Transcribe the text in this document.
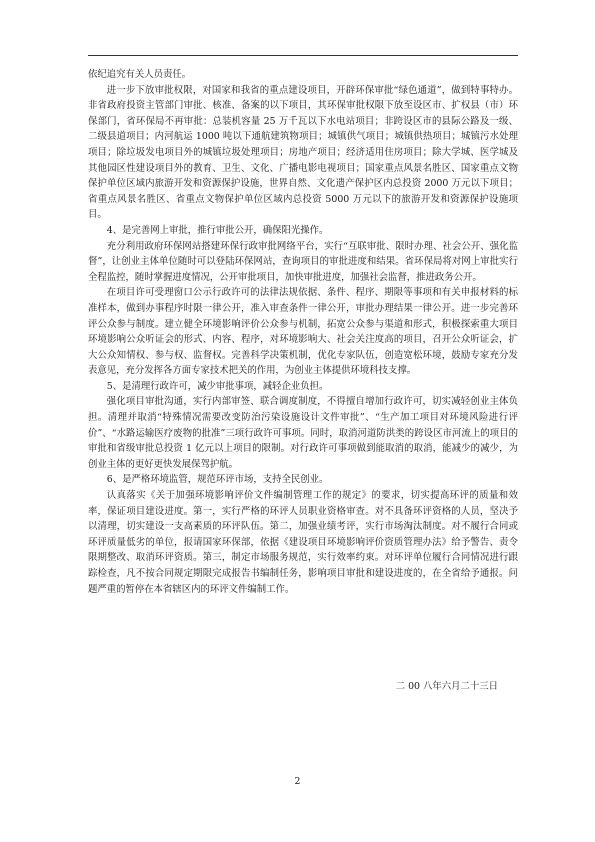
依纪追究有关人员责任。

进一步下放审批权限，对国家和我省的重点建设项目，开辟环保审批“绿色通道”，做到特事特办。非省政府投资主管部门审批、核准、备案的以下项目，其环保审批权限下放至设区市、扩权县（市）环保部门，省环保局不再审批：总装机容量 25 万千瓦以下水电站项目；非跨设区市的县际公路及一级、二级县道项目；内河航运 1000 吨以下通航建筑物项目；城镇供气项目；城镇供热项目；城镇污水处理项目；除垃圾发电项目外的城镇垃圾处理项目；房地产项目；经济适用住房项目；除大学城、医学城及其他园区性建设项目外的教育、卫生、文化、广播电影电视项目；国家重点风景名胜区、国家重点文物保护单位区域内旅游开发和资源保护设施，世界自然、文化遗产保护区内总投资 2000 万元以下项目；省重点风景名胜区、省重点文物保护单位区域内总投资 5000 万元以下的旅游开发和资源保护设施项目。

4、是完善网上审批，推行审批公开，确保阳光操作。

充分利用政府环保网站搭建环保行政审批网络平台，实行“互联审批、限时办理、社会公开、强化监督”，让创业主体单位随时可以登陆环保网站，查询项目的审批进度和结果。省环保局将对网上审批实行全程监控，随时掌握进度情况，公开审批项目，加快审批进度，加强社会监督，推进政务公开。

在项目许可受理窗口公示行政许可的法律法规依据、条件、程序、期限等事项和有关申报材料的标准样本，做到办事程序时限一律公开，准入审查条件一律公开，审批办理结果一律公开。进一步完善环评公众参与制度。建立健全环境影响评价公众参与机制，拓宽公众参与渠道和形式，积极探索重大项目环境影响公众听证会的形式、内容、程序，对环境影响大、社会关注度高的项目，召开公众听证会，扩大公众知情权、参与权、监督权。完善科学决策机制，优化专家队伍，创造宽松环境，鼓励专家充分发表意见，充分发挥各方面专家技术把关的作用，为创业主体提供环境科技支撑。

5、是清理行政许可，减少审批事项，减轻企业负担。

强化项目审批沟通，实行内部审签、联合调度制度，不得擅自增加行政许可，切实减轻创业主体负担。清理并取消“特殊情况需要改变防治污染设施设计文件审批”、“生产加工项目对环境风险进行评价”、“水路运输医疗废物的批准”三项行政许可事项。同时，取消河道防洪类的跨设区市河流上的项目的审批和省级审批总投资 1 亿元以上项目的限制。对行政许可事项做到能取消的取消，能减少的减少，为创业主体的更好更快发展保驾护航。

6、是严格环境监管，规范环评市场，支持全民创业。

认真落实《关于加强环境影响评价文件编制管理工作的规定》的要求，切实提高环评的质量和效率，保证项目建设进度。第一，实行严格的环评人员职业资格审查。对不具备环评资格的人员，坚决予以清理，切实建设一支高素质的环评队伍。第二，加强业绩考评，实行市场淘汰制度。对不履行合同或环评质量低劣的单位，报请国家环保部，依据《建设项目环境影响评价资质管理办法》给予警告、责令限期整改、取消环评资质。第三，制定市场服务规范，实行效率约束。对环评单位履行合同情况进行跟踪检查，凡不按合同规定期限完成报告书编制任务，影响项目审批和建设进度的，在全省给予通报。问题严重的暂停在本省辖区内的环评文件编制工作。

二 00 八年六月二十三日
2
